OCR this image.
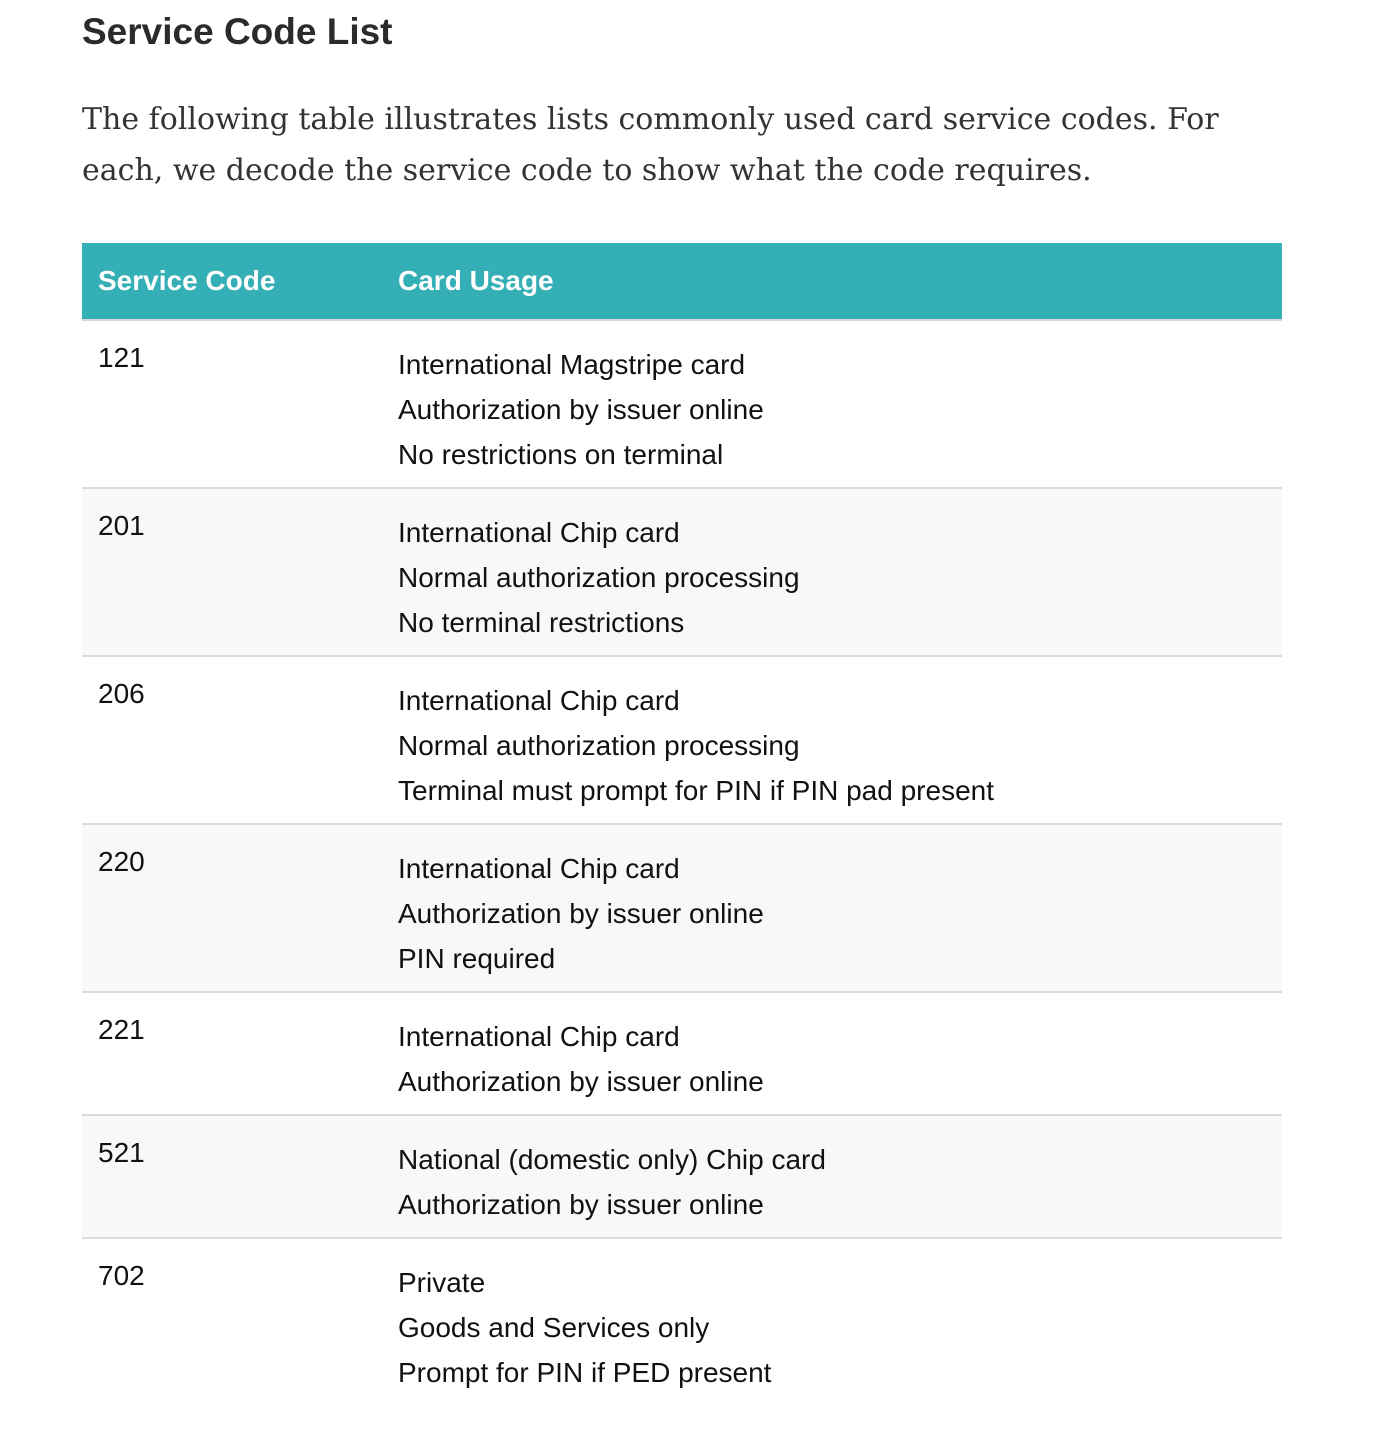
Service Code List

The following table illustrates lists commonly used card service codes. For each, we decode the service code to show what the code requires.

Service Code	Card Usage
121	International Magstripe card
Authorization by issuer online
No restrictions on terminal

201	International Chip card
Normal authorization processing
No terminal restrictions

206	International Chip card
Normal authorization processing
Terminal must prompt for PIN if PIN pad present

220	International Chip card
Authorization by issuer online
PIN required

221	International Chip card
Authorization by issuer online

521	National (domestic only) Chip card
Authorization by issuer online

702	Private
Goods and Services only
Prompt for PIN if PED present
